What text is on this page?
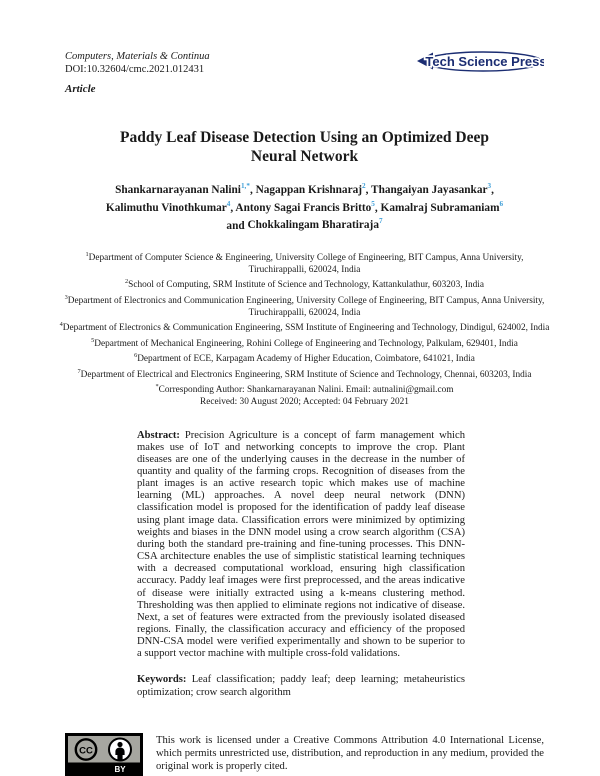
Computers, Materials & Continua
DOI:10.32604/cmc.2021.012431
Article
Tech Science Press
Paddy Leaf Disease Detection Using an Optimized Deep Neural Network
Shankarnarayanan Nalini$^{1,*}$, Nagappan Krishnaraj$^2$, Thangaiyan Jayasankar$^3$, Kalimuthu Vinothkumar$^4$, Antony Sagai Francis Britto$^5$, Kamalraj Subramaniam$^6$ and Chokkalingam Bharatiraja$^7$
$^1$Department of Computer Science & Engineering, University College of Engineering, BIT Campus, Anna University, Tiruchirappalli, 620024, India
$^2$School of Computing, SRM Institute of Science and Technology, Kattankulathur, 603203, India
$^3$Department of Electronics and Communication Engineering, University College of Engineering, BIT Campus, Anna University, Tiruchirappalli, 620024, India
$^4$Department of Electronics & Communication Engineering, SSM Institute of Engineering and Technology, Dindigul, 624002, India
$^5$Department of Mechanical Engineering, Rohini College of Engineering and Technology, Palkulam, 629401, India
$^6$Department of ECE, Karpagam Academy of Higher Education, Coimbatore, 641021, India
$^7$Department of Electrical and Electronics Engineering, SRM Institute of Science and Technology, Chennai, 603203, India
*Corresponding Author: Shankarnarayanan Nalini. Email: autnalini@gmail.com
Received: 30 August 2020; Accepted: 04 February 2021
Abstract: Precision Agriculture is a concept of farm management which makes use of IoT and networking concepts to improve the crop. Plant diseases are one of the underlying causes in the decrease in the number of quantity and quality of the farming crops. Recognition of diseases from the plant images is an active research topic which makes use of machine learning (ML) approaches. A novel deep neural network (DNN) classification model is proposed for the identification of paddy leaf disease using plant image data. Classification errors were minimized by optimizing weights and biases in the DNN model using a crow search algorithm (CSA) during both the standard pre-training and fine-tuning processes. This DNN-CSA architecture enables the use of simplistic statistical learning techniques with a decreased computational workload, ensuring high classification accuracy. Paddy leaf images were first preprocessed, and the areas indicative of disease were initially extracted using a k-means clustering method. Thresholding was then applied to eliminate regions not indicative of disease. Next, a set of features were extracted from the previously isolated diseased regions. Finally, the classification accuracy and efficiency of the proposed DNN-CSA model were verified experimentally and shown to be superior to a support vector machine with multiple cross-fold validations.
Keywords: Leaf classification; paddy leaf; deep learning; metaheuristics optimization; crow search algorithm
CC
BY
This work is licensed under a Creative Commons Attribution 4.0 International License, which permits unrestricted use, distribution, and reproduction in any medium, provided the original work is properly cited.
